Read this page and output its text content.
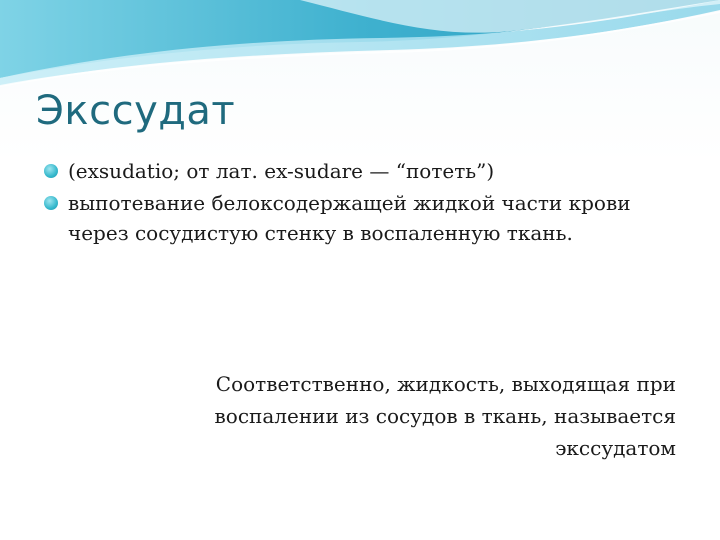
Экссудат
(exsudatio; от лат. ex-sudare — “потеть”)
выпотевание белоксодержащей жидкой части крови через сосудистую стенку в воспаленную ткань.
Соответственно, жидкость, выходящая при воспалении из сосудов в ткань, называется экссудатом
